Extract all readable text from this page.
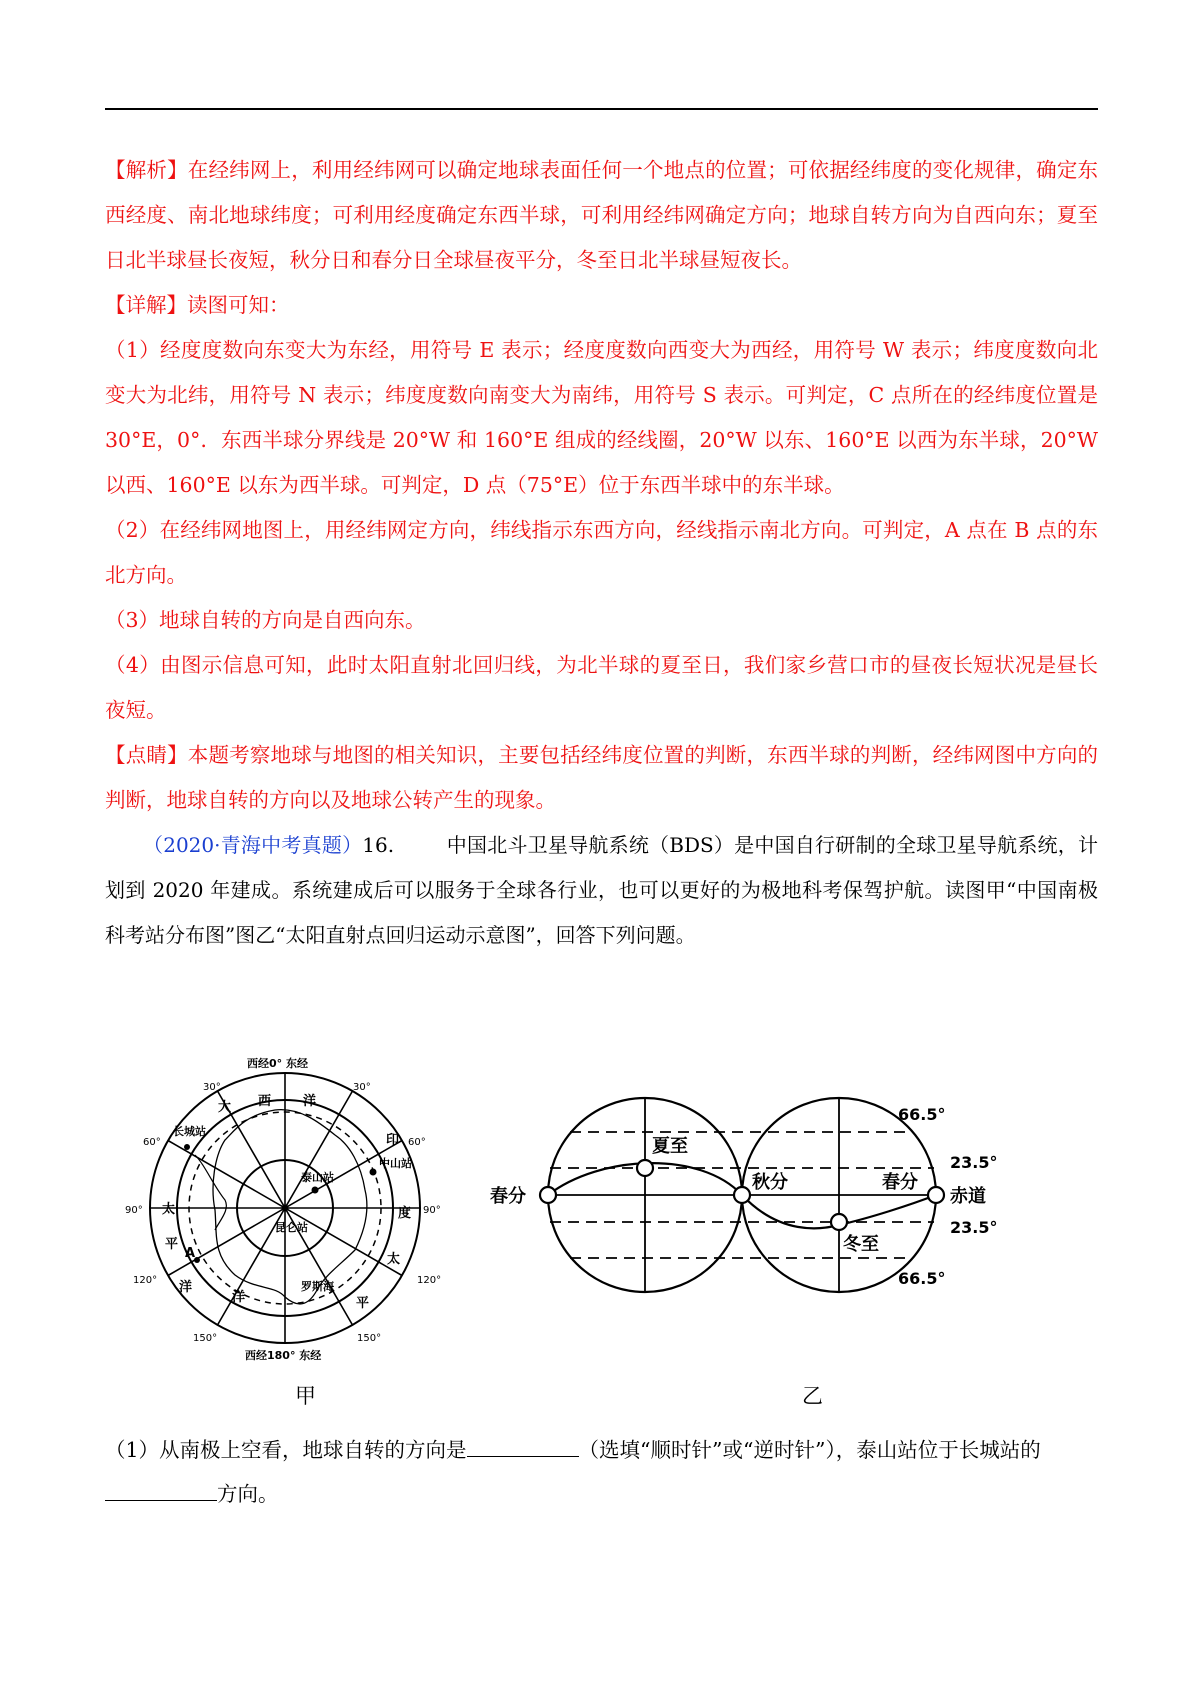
【解析】在经纬网上，利用经纬网可以确定地球表面任何一个地点的位置；可依据经纬度的变化规律，确定东西经度、南北地球纬度；可利用经度确定东西半球，可利用经纬网确定方向；地球自转方向为自西向东；夏至日北半球昼长夜短，秋分日和春分日全球昼夜平分，冬至日北半球昼短夜长。

【详解】读图可知：

（1）经度度数向东变大为东经，用符号 E 表示；经度度数向西变大为西经，用符号 W 表示；纬度度数向北变大为北纬，用符号 N 表示；纬度度数向南变大为南纬，用符号 S 表示。可判定，C 点所在的经纬度位置是 30°E，0°．东西半球分界线是 20°W 和 160°E 组成的经线圈，20°W 以东、160°E 以西为东半球，20°W 以西、160°E 以东为西半球。可判定，D 点（75°E）位于东西半球中的东半球。

（2）在经纬网地图上，用经纬网定方向，纬线指示东西方向，经线指示南北方向。可判定，A 点在 B 点的东北方向。

（3）地球自转的方向是自西向东。

（4）由图示信息可知，此时太阳直射北回归线，为北半球的夏至日，我们家乡营口市的昼夜长短状况是昼长夜短。

【点睛】本题考察地球与地图的相关知识，主要包括经纬度位置的判断，东西半球的判断，经纬网图中方向的判断，地球自转的方向以及地球公转产生的现象。

（2020·青海中考真题）16.	中国北斗卫星导航系统（BDS）是中国自行研制的全球卫星导航系统，计划到 2020 年建成。系统建成后可以服务于全球各行业，也可以更好的为极地科考保驾护航。读图甲“中国南极科考站分布图”图乙“太阳直射点回归运动示意图”，回答下列问题。

西经0° 东经
西经180° 东经
30°	30°
60°	60°
90°	90°
120°	120°
150°	150°
大 西 洋
印
度
太
平
洋
太
平
洋
长城站
泰山站
中山站
昆仑站
罗斯海
A
春分
夏至
秋分	春分
冬至
赤道
66.5°
23.5°
23.5°
66.5°
甲	乙
（1）从南极上空看，地球自转的方向是	（选填“顺时针”或“逆时针”），泰山站位于长城站的
方向。
